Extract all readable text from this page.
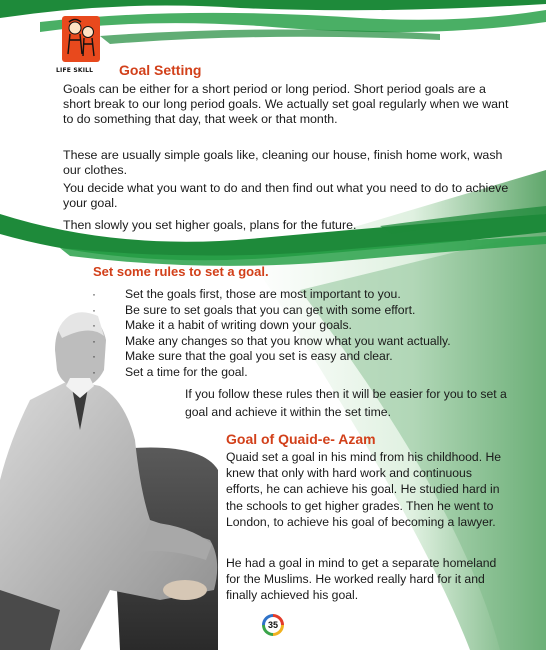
LIFE SKILL	Goal Setting

Goals can be either for a short period or long period. Short period goals are a short break to our long period goals. We actually set goal regularly when we want to do something that day, that week or that month.

These are usually simple goals like, cleaning our house, finish home work, wash our clothes.

You decide what you want to do and then find out what you need to do to achieve your goal.

Then slowly you set higher goals, plans for the future.

Set some rules to set a goal.
· Set the goals first, those are most important to you.
· Be sure to set goals that you can get with some effort.
· Make it a habit of writing down your goals.
· Make any changes so that you know what you want actually.
· Make sure that the goal you set is easy and clear.
· Set a time for the goal.

If you follow these rules then it will be easier for you to set a goal and achieve it within the set time.

Goal of Quaid-e- Azam

Quaid set a goal in his mind from his childhood. He knew that only with hard work and continuous efforts, he can achieve his goal. He studied hard in the schools to get higher grades. Then he went to London, to achieve his goal of becoming a lawyer.

He had a goal in mind to get a separate homeland for the Muslims. He worked really hard for it and finally achieved his goal.

35
